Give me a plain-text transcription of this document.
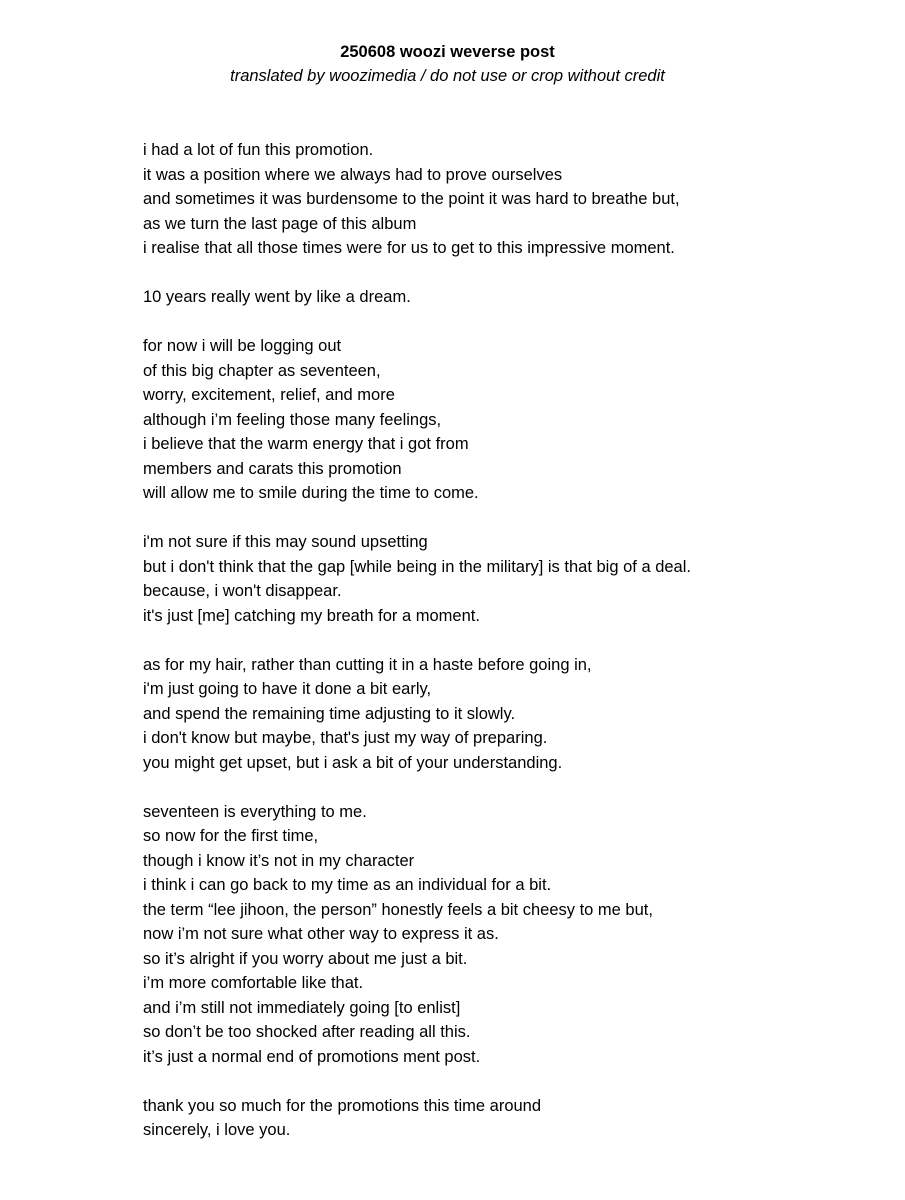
250608 woozi weverse post

translated by woozimedia / do not use or crop without credit

i had a lot of fun this promotion.
it was a position where we always had to prove ourselves
and sometimes it was burdensome to the point it was hard to breathe but,
as we turn the last page of this album
i realise that all those times were for us to get to this impressive moment.
10 years really went by like a dream.
for now i will be logging out
of this big chapter as seventeen,
worry, excitement, relief, and more
although i’m feeling those many feelings,
i believe that the warm energy that i got from
members and carats this promotion
will allow me to smile during the time to come.
i'm not sure if this may sound upsetting
but i don't think that the gap [while being in the military] is that big of a deal.
because, i won't disappear.
it's just [me] catching my breath for a moment.
as for my hair, rather than cutting it in a haste before going in,
i'm just going to have it done a bit early,
and spend the remaining time adjusting to it slowly.
i don't know but maybe, that's just my way of preparing.
you might get upset, but i ask a bit of your understanding.
seventeen is everything to me.
so now for the first time,
though i know it’s not in my character
i think i can go back to my time as an individual for a bit.
the term “lee jihoon, the person” honestly feels a bit cheesy to me but,
now i’m not sure what other way to express it as.
so it’s alright if you worry about me just a bit.
i’m more comfortable like that.
and i’m still not immediately going [to enlist]
so don’t be too shocked after reading all this.
it’s just a normal end of promotions ment post.
thank you so much for the promotions this time around
sincerely, i love you.
